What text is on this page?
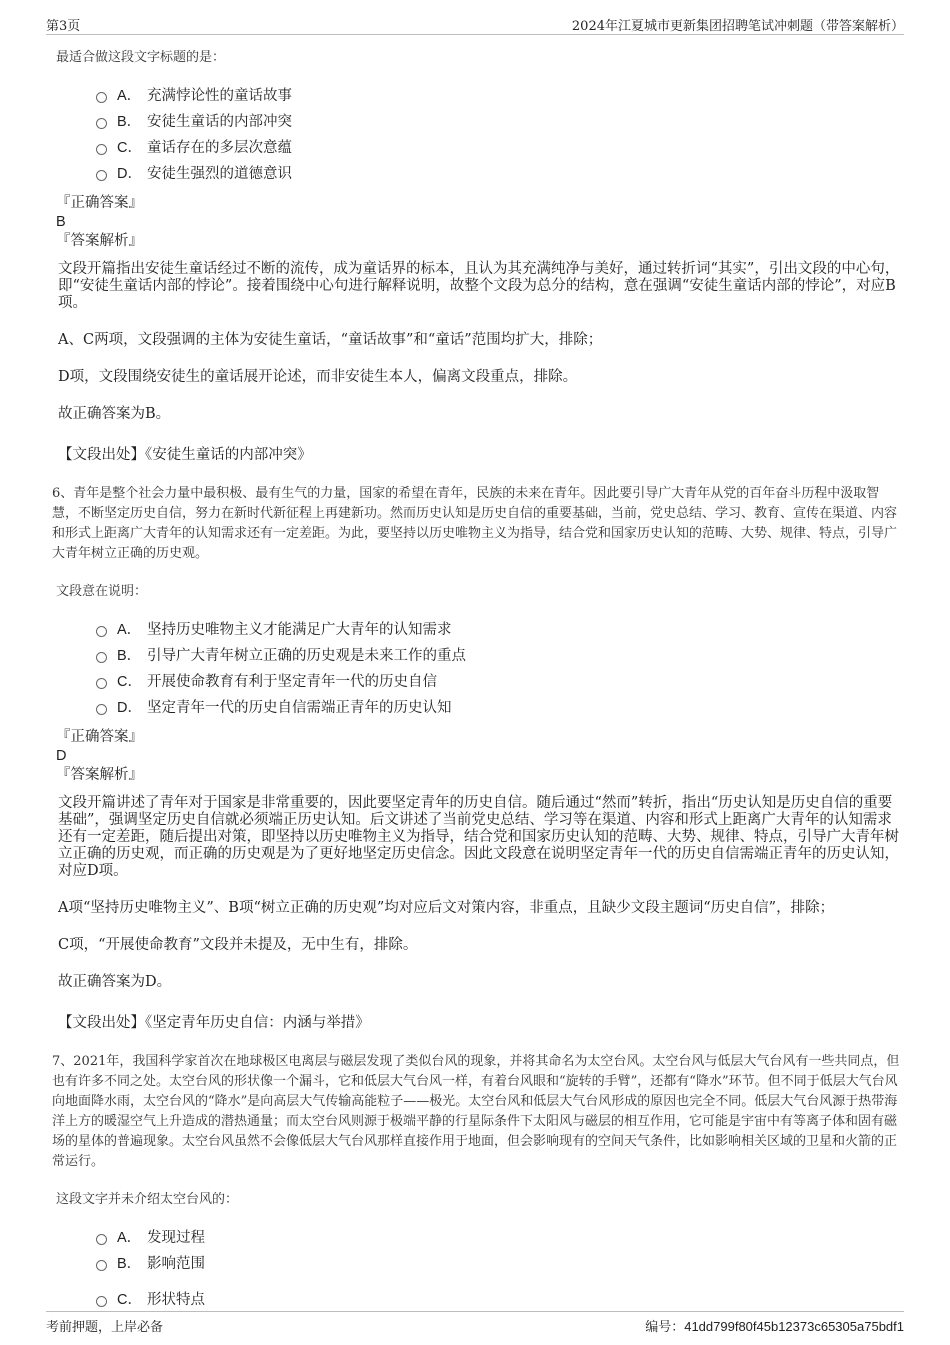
第3页	2024年江夏城市更新集团招聘笔试冲刺题（带答案解析）

最适合做这段文字标题的是：

A． 充满悖论性的童话故事
B． 安徒生童话的内部冲突
C． 童话存在的多层次意蕴
D． 安徒生强烈的道德意识
『正确答案』
B
『答案解析』

文段开篇指出安徒生童话经过不断的流传，成为童话界的标本，且认为其充满纯净与美好，通过转折词“其实”，引出文段的中心句，即“安徒生童话内部的悖论”。接着围绕中心句进行解释说明，故整个文段为总分的结构，意在强调“安徒生童话内部的悖论”，对应B项。

A、C两项，文段强调的主体为安徒生童话，“童话故事”和“童话”范围均扩大，排除；

D项，文段围绕安徒生的童话展开论述，而非安徒生本人，偏离文段重点，排除。

故正确答案为B。

【文段出处】《安徒生童话的内部冲突》

6、青年是整个社会力量中最积极、最有生气的力量，国家的希望在青年，民族的未来在青年。因此要引导广大青年从党的百年奋斗历程中汲取智慧，不断坚定历史自信，努力在新时代新征程上再建新功。然而历史认知是历史自信的重要基础，当前，党史总结、学习、教育、宣传在渠道、内容和形式上距离广大青年的认知需求还有一定差距。为此，要坚持以历史唯物主义为指导，结合党和国家历史认知的范畴、大势、规律、特点，引导广大青年树立正确的历史观。

文段意在说明：

A． 坚持历史唯物主义才能满足广大青年的认知需求
B． 引导广大青年树立正确的历史观是未来工作的重点
C． 开展使命教育有利于坚定青年一代的历史自信
D． 坚定青年一代的历史自信需端正青年的历史认知
『正确答案』
D
『答案解析』

文段开篇讲述了青年对于国家是非常重要的，因此要坚定青年的历史自信。随后通过“然而”转折，指出“历史认知是历史自信的重要基础”，强调坚定历史自信就必须端正历史认知。后文讲述了当前党史总结、学习等在渠道、内容和形式上距离广大青年的认知需求还有一定差距，随后提出对策，即坚持以历史唯物主义为指导，结合党和国家历史认知的范畴、大势、规律、特点，引导广大青年树立正确的历史观，而正确的历史观是为了更好地坚定历史信念。因此文段意在说明坚定青年一代的历史自信需端正青年的历史认知，对应D项。

A项“坚持历史唯物主义”、B项“树立正确的历史观”均对应后文对策内容，非重点，且缺少文段主题词“历史自信”，排除；

C项，“开展使命教育”文段并未提及，无中生有，排除。

故正确答案为D。

【文段出处】《坚定青年历史自信：内涵与举措》

7、2021年，我国科学家首次在地球极区电离层与磁层发现了类似台风的现象，并将其命名为太空台风。太空台风与低层大气台风有一些共同点，但也有许多不同之处。太空台风的形状像一个漏斗，它和低层大气台风一样，有着台风眼和“旋转的手臂”，还都有“降水”环节。但不同于低层大气台风向地面降水雨，太空台风的“降水”是向高层大气传输高能粒子——极光。太空台风和低层大气台风形成的原因也完全不同。低层大气台风源于热带海洋上方的暖湿空气上升造成的潜热通量；而太空台风则源于极端平静的行星际条件下太阳风与磁层的相互作用，它可能是宇宙中有等离子体和固有磁场的星体的普遍现象。太空台风虽然不会像低层大气台风那样直接作用于地面，但会影响现有的空间天气条件，比如影响相关区域的卫星和火箭的正常运行。

这段文字并未介绍太空台风的：

A． 发现过程
B． 影响范围
C． 形状特点
考前押题，上岸必备	编号：41dd799f80f45b12373c65305a75bdf1
